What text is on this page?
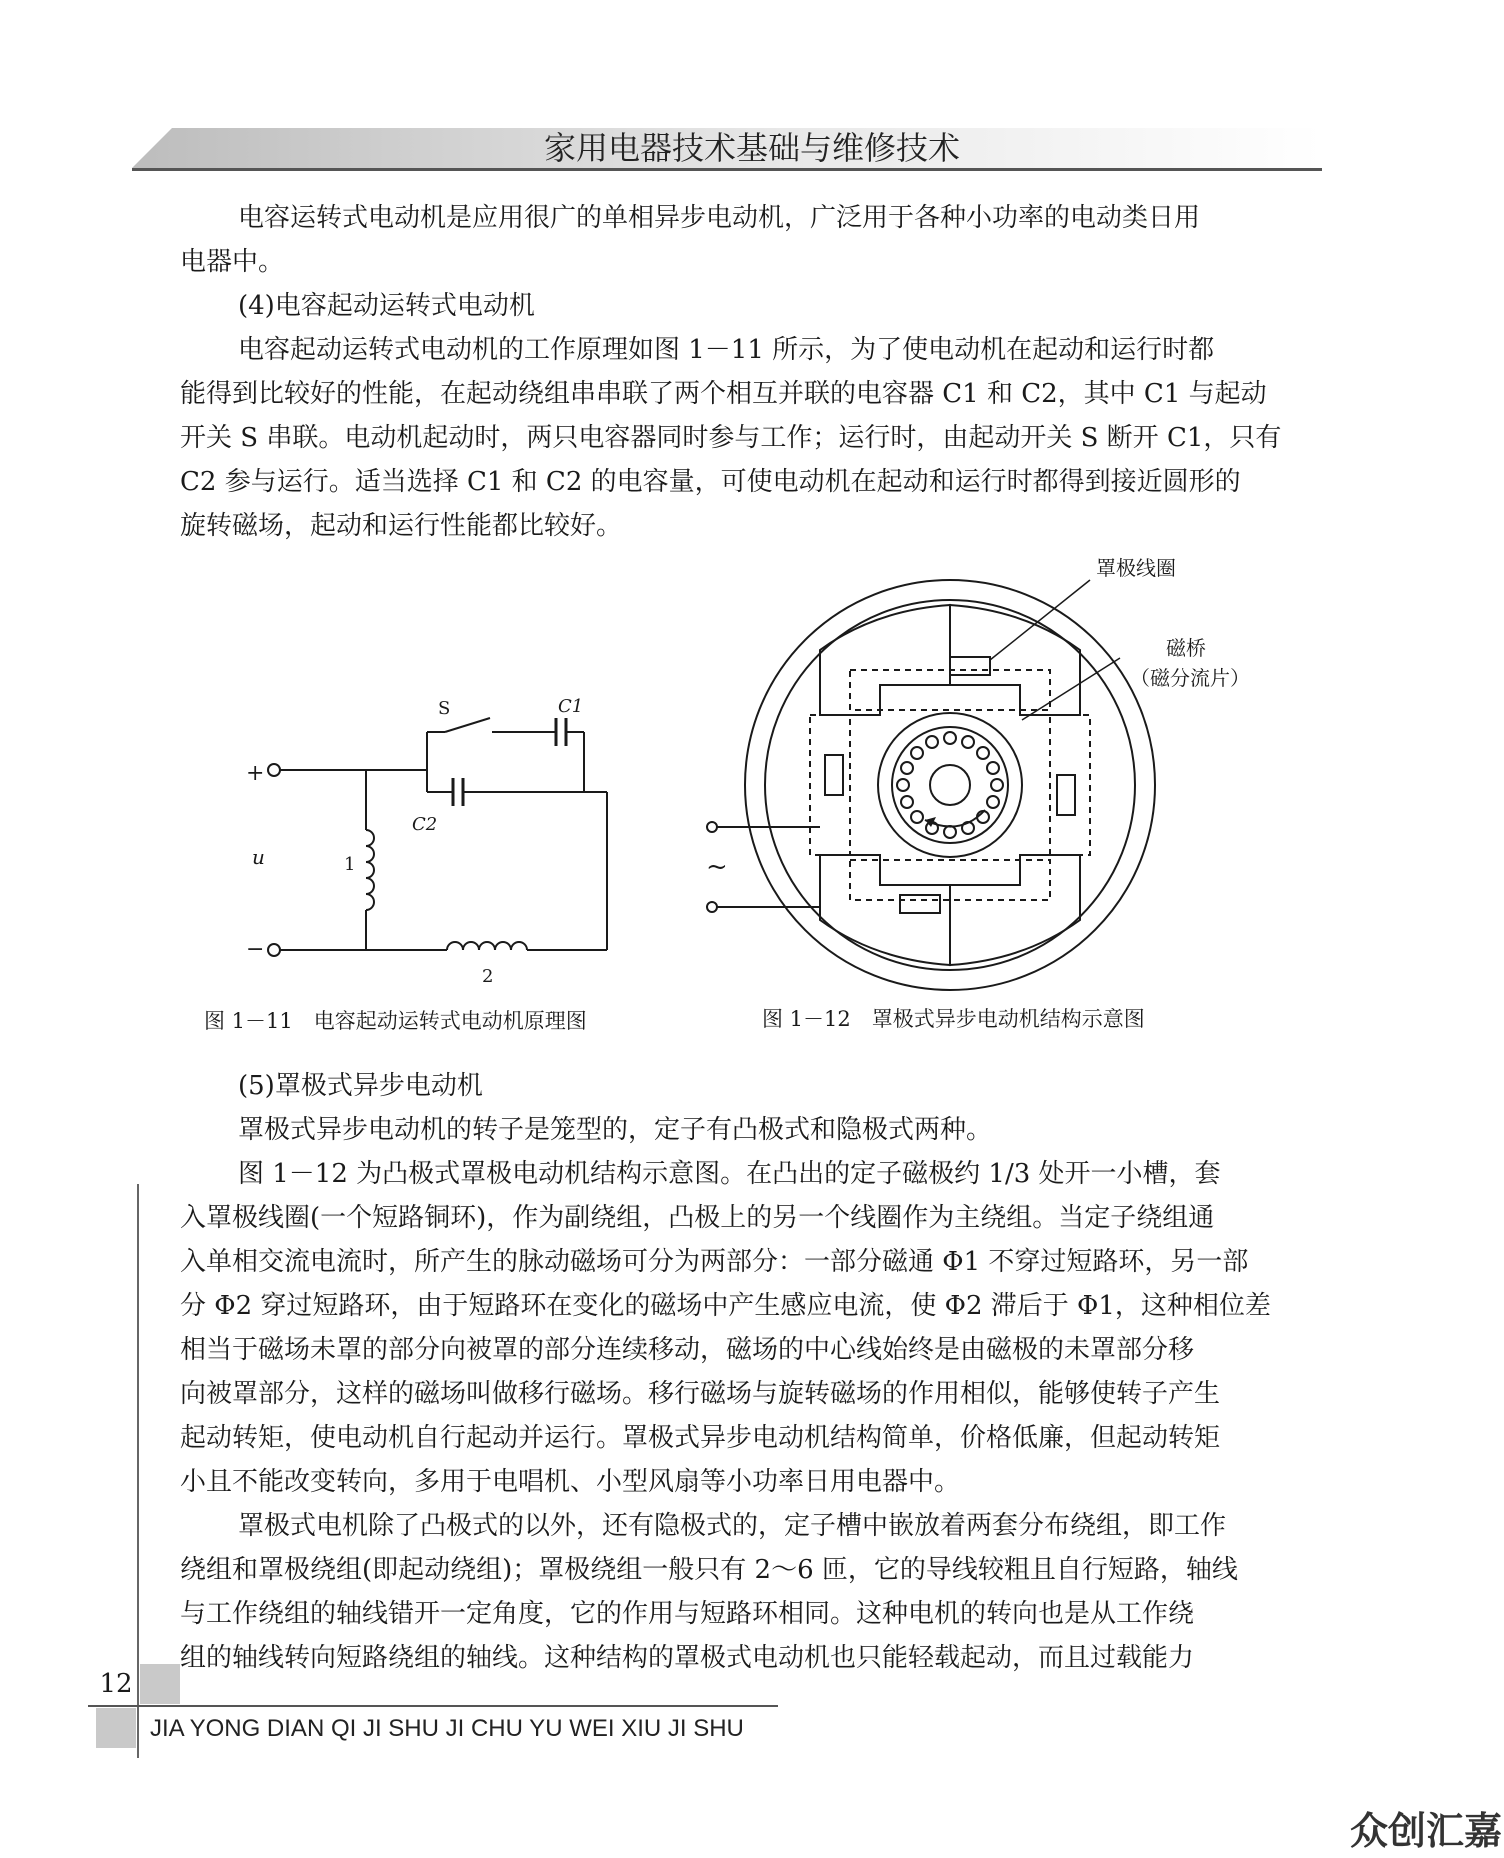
家用电器技术基础与维修技术

电容运转式电动机是应用很广的单相异步电动机，广泛用于各种小功率的电动类日用

电器中。

(4)电容起动运转式电动机

电容起动运转式电动机的工作原理如图 1－11 所示，为了使电动机在起动和运行时都

能得到比较好的性能，在起动绕组串串联了两个相互并联的电容器 C1 和 C2，其中 C1 与起动

开关 S 串联。电动机起动时，两只电容器同时参与工作；运行时，由起动开关 S 断开 C1，只有

C2 参与运行。适当选择 C1 和 C2 的电容量，可使电动机在起动和运行时都得到接近圆形的

旋转磁场，起动和运行性能都比较好。

+
−
u
S	C1
C2
1
2
罩极线圈
磁桥
（磁分流片）
~
图 1－11　电容起动运转式电动机原理图	图 1－12　罩极式异步电动机结构示意图

(5)罩极式异步电动机

罩极式异步电动机的转子是笼型的，定子有凸极式和隐极式两种。

图 1－12 为凸极式罩极电动机结构示意图。在凸出的定子磁极约 1/3 处开一小槽，套

入罩极线圈(一个短路铜环)，作为副绕组，凸极上的另一个线圈作为主绕组。当定子绕组通

入单相交流电流时，所产生的脉动磁场可分为两部分：一部分磁通 Φ1 不穿过短路环，另一部

分 Φ2 穿过短路环，由于短路环在变化的磁场中产生感应电流，使 Φ2 滞后于 Φ1，这种相位差

相当于磁场未罩的部分向被罩的部分连续移动，磁场的中心线始终是由磁极的未罩部分移

向被罩部分，这样的磁场叫做移行磁场。移行磁场与旋转磁场的作用相似，能够使转子产生

起动转矩，使电动机自行起动并运行。罩极式异步电动机结构简单，价格低廉，但起动转矩

小且不能改变转向，多用于电唱机、小型风扇等小功率日用电器中。

罩极式电机除了凸极式的以外，还有隐极式的，定子槽中嵌放着两套分布绕组，即工作

绕组和罩极绕组(即起动绕组)；罩极绕组一般只有 2～6 匝，它的导线较粗且自行短路，轴线

与工作绕组的轴线错开一定角度，它的作用与短路环相同。这种电机的转向也是从工作绕

组的轴线转向短路绕组的轴线。这种结构的罩极式电动机也只能轻载起动，而且过载能力

12
JIA YONG DIAN QI JI SHU JI CHU YU WEI XIU JI SHU
众创汇嘉
